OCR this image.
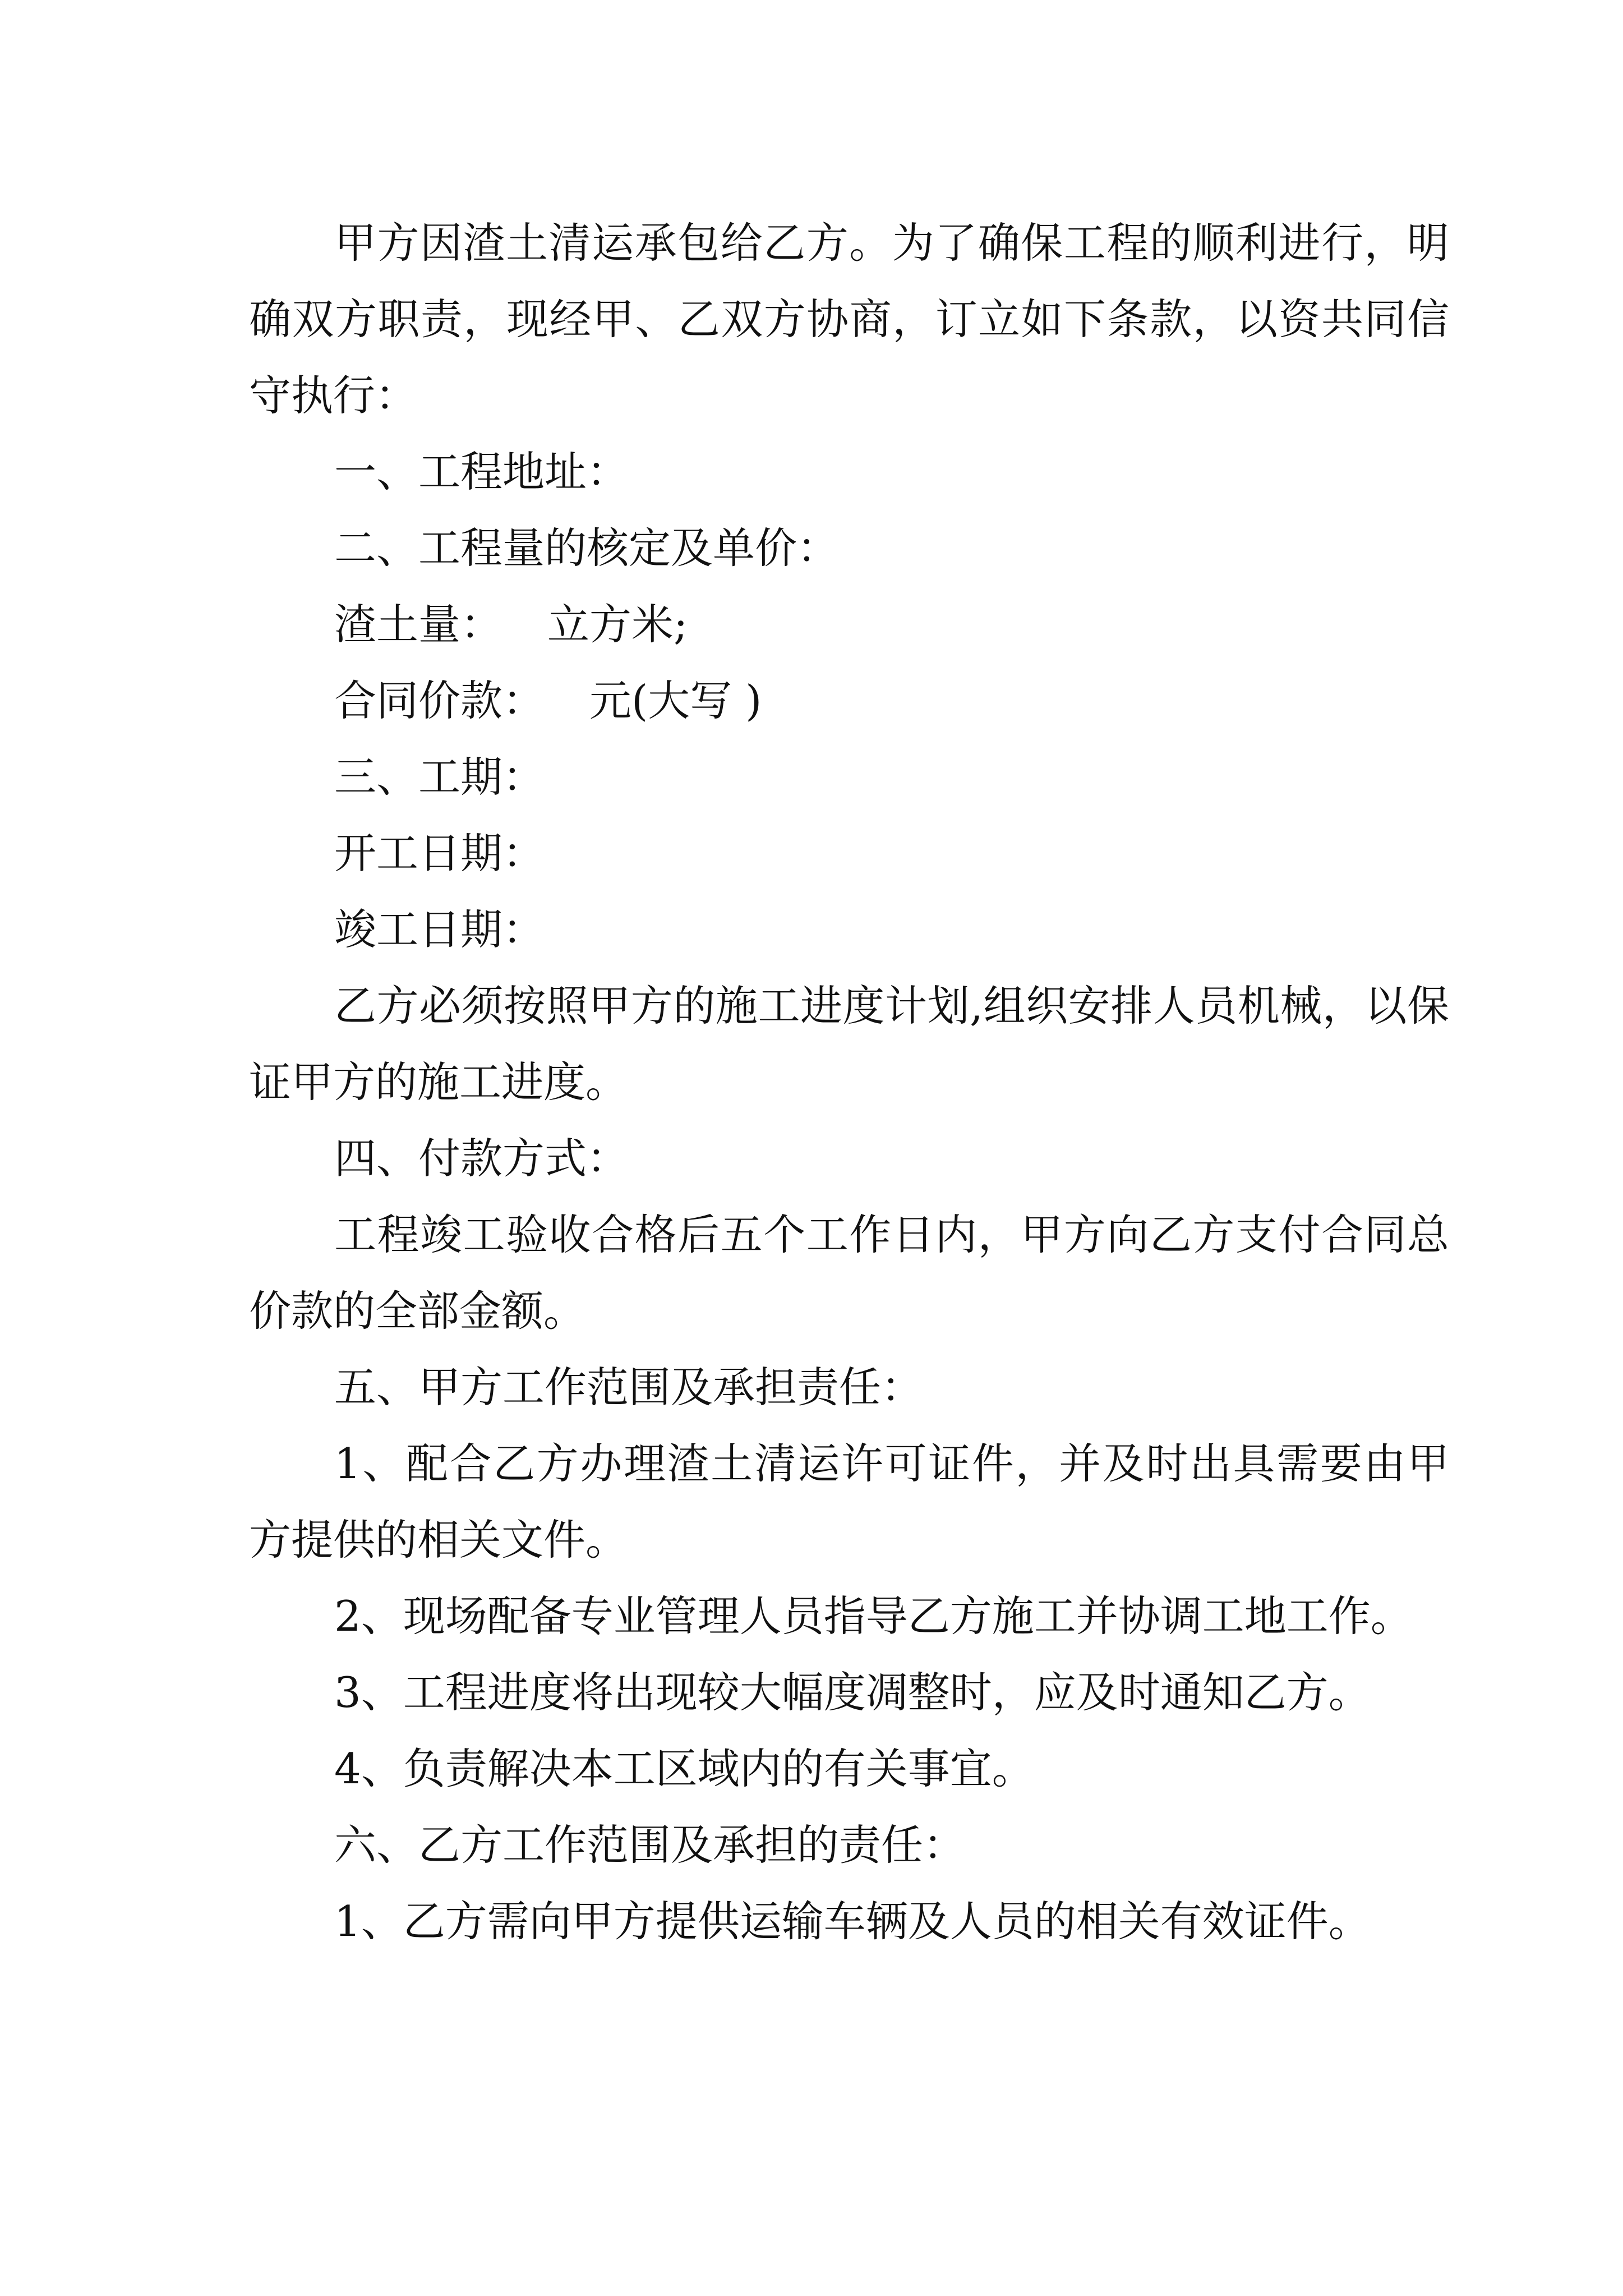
甲方因渣土清运承包给乙方。为了确保工程的顺利进行，明确双方职责，现经甲、乙双方协商，订立如下条款，以资共同信守执行：

一、工程地址：

二、工程量的核定及单价：

渣土量： 立方米;

合同价款： 元(大写 )

三、工期：

开工日期：

竣工日期：

乙方必须按照甲方的施工进度计划,组织安排人员机械，以保证甲方的施工进度。

四、付款方式：

工程竣工验收合格后五个工作日内，甲方向乙方支付合同总价款的全部金额。

五、甲方工作范围及承担责任：

1、配合乙方办理渣土清运许可证件，并及时出具需要由甲方提供的相关文件。

2、现场配备专业管理人员指导乙方施工并协调工地工作。

3、工程进度将出现较大幅度凋整时，应及时通知乙方。

4、负责解决本工区域内的有关事宜。

六、乙方工作范围及承担的责任：

1、乙方需向甲方提供运输车辆及人员的相关有效证件。
